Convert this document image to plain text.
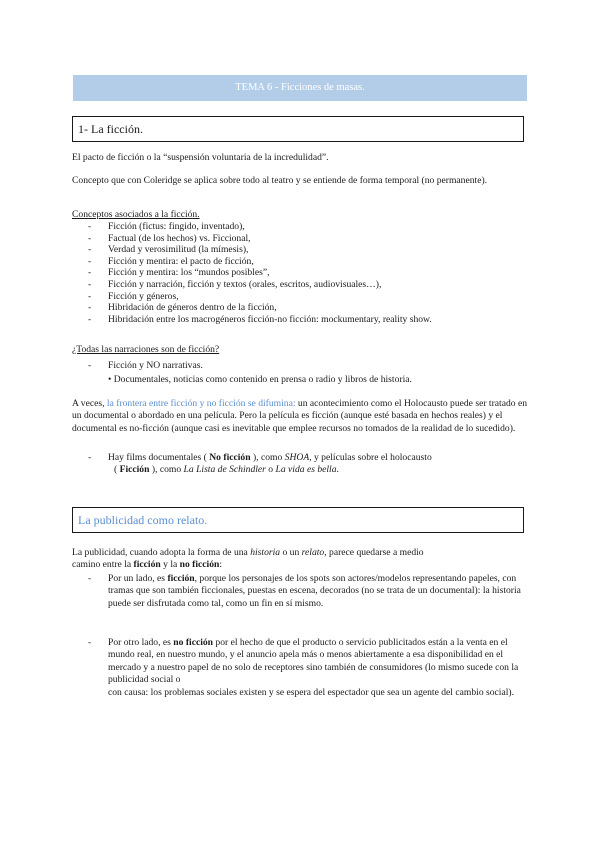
TEMA 6 - Ficciones de masas.
1- La ficción.
El pacto de ficción o la “suspensión voluntaria de la incredulidad”.
Concepto que con Coleridge se aplica sobre todo al teatro y se entiende de forma temporal (no permanente).
Conceptos asociados a la ficción.
- Ficción (fictus: fingido, inventado),
- Factual (de los hechos) vs. Ficcional,
- Verdad y verosimilitud (la mímesis),
- Ficción y mentira: el pacto de ficción,
- Ficción y mentira: los “mundos posibles”,
- Ficción y narración, ficción y textos (orales, escritos, audiovisuales…),
- Ficción y géneros,
- Hibridación de géneros dentro de la ficción,
- Hibridación entre los macrogéneros ficción-no ficción: mockumentary, reality show.
¿Todas las narraciones son de ficción?
- Ficción y NO narrativas.
• Documentales, noticias como contenido en prensa o radio y libros de historia.
A veces, la frontera entre ficción y no ficción se difumina: un acontecimiento como el Holocausto puede ser tratado en un documental o abordado en una película. Pero la película es ficción (aunque esté basada en hechos reales) y el documental es no-ficción (aunque casi es inevitable que emplee recursos no tomados de la realidad de lo sucedido).
- Hay films documentales ( No ficción ), como SHOA, y películas sobre el holocausto
( Ficción ), como La Lista de Schindler o La vida es bella.
La publicidad como relato.
La publicidad, cuando adopta la forma de una historia o un relato, parece quedarse a medio
camino entre la ficción y la no ficción:
- Por un lado, es ficción, porque los personajes de los spots son actores/modelos representando papeles, con tramas que son también ficcionales, puestas en escena, decorados (no se trata de un documental): la historia puede ser disfrutada como tal, como un fin en sí mismo.
- Por otro lado, es no ficción por el hecho de que el producto o servicio publicitados están a la venta en el mundo real, en nuestro mundo, y el anuncio apela más o menos abiertamente a esa disponibilidad en el mercado y a nuestro papel de no solo de receptores sino también de consumidores (lo mismo sucede con la publicidad social o
con causa: los problemas sociales existen y se espera del espectador que sea un agente del cambio social).
